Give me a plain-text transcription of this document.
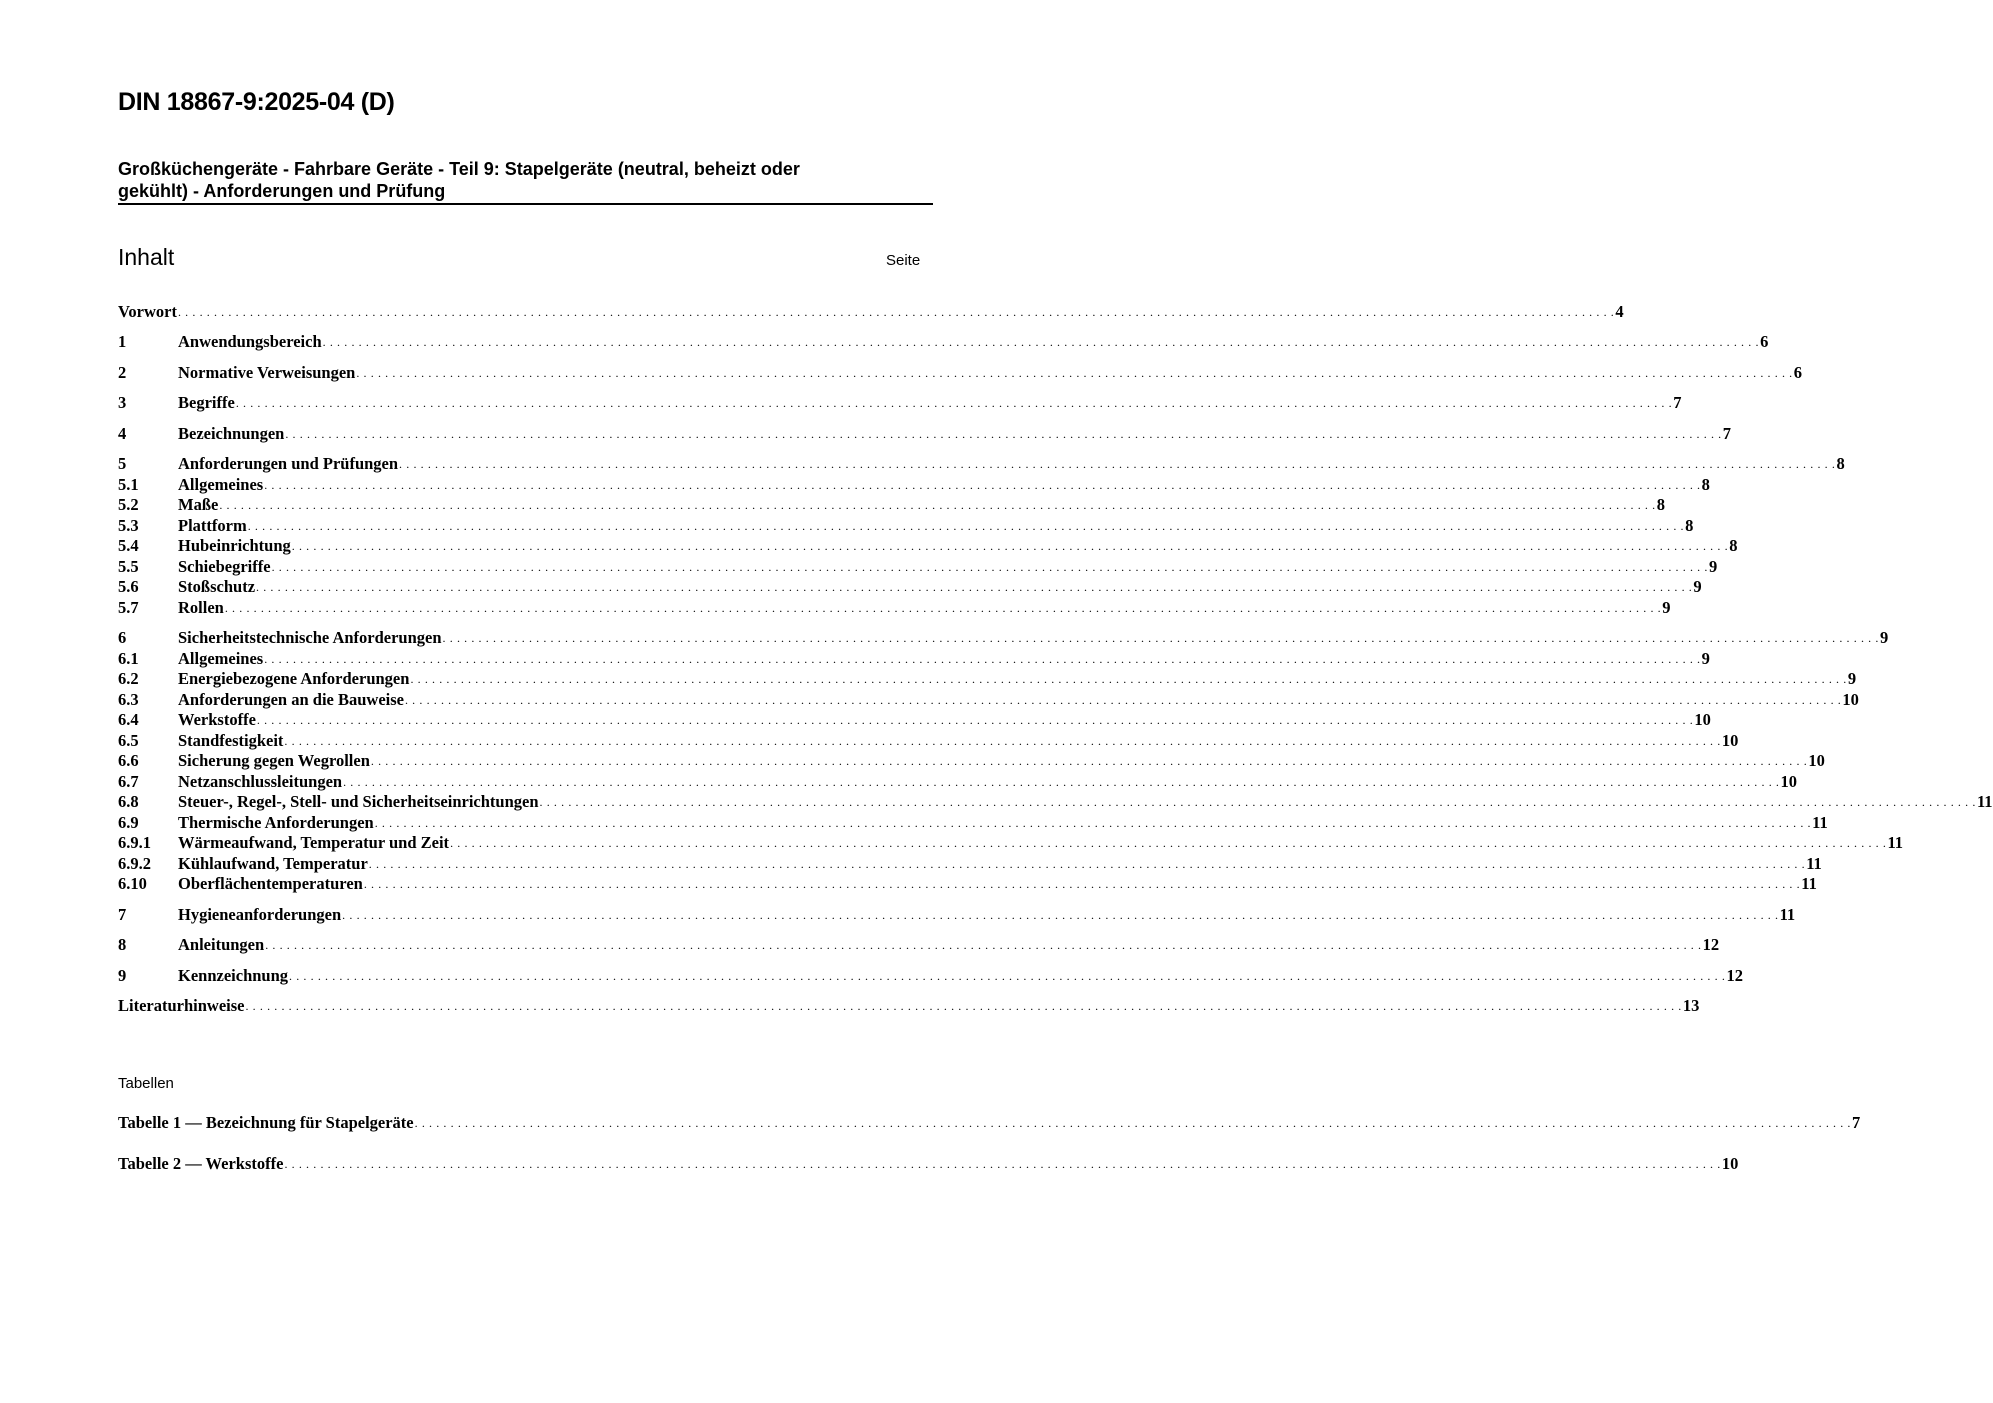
DIN 18867-9:2025-04 (D)
Großküchengeräte - Fahrbare Geräte - Teil 9: Stapelgeräte (neutral, beheizt oder
gekühlt) - Anforderungen und Prüfung
Inhalt	Seite
Vorwort . . . . . . . . . . . . . . . . . . . . . . . . . . . . . . . . . . . . . . . . . . . . . . . . . . . . . . . . . . . . . . . . . . . . . . . . . . . . . . . . . . . . . . . . . . . . . . . . . . . . . . . . . . . . . . . . . . . . . . . . . . . . . . . . . . . . . . . . . . . . . . . . . . . . . . . . . . . . . . . . . . . . . . . . . . . . . . . . . . . . . . . . . . . . . . . . . . . . . . . . 4
1	Anwendungsbereich . . . . . . . . . . . . . . . . . . . . . . . . . . . . . . . . . . . . . . . . . . . . . . . . . . . . . . . . . . . . . . . . . . . . . . . . . . . . . . . . . . . . . . . . . . . . . . . . . . . . . . . . . . . . . . . . . . . . . . . . . . . . . . . . . . . . . . . . . . . . . . . . . . . . . . . . . . . . . . . . . . . . . . . . . . . . . . . . . . . . . . . . . . . . . . . . . . . . . . . . 6
2	Normative Verweisungen . . . . . . . . . . . . . . . . . . . . . . . . . . . . . . . . . . . . . . . . . . . . . . . . . . . . . . . . . . . . . . . . . . . . . . . . . . . . . . . . . . . . . . . . . . . . . . . . . . . . . . . . . . . . . . . . . . . . . . . . . . . . . . . . . . . . . . . . . . . . . . . . . . . . . . . . . . . . . . . . . . . . . . . . . . . . . . . . . . . . . . . . . . . . . . . . . . . . . . . . 6
3	Begriffe . . . . . . . . . . . . . . . . . . . . . . . . . . . . . . . . . . . . . . . . . . . . . . . . . . . . . . . . . . . . . . . . . . . . . . . . . . . . . . . . . . . . . . . . . . . . . . . . . . . . . . . . . . . . . . . . . . . . . . . . . . . . . . . . . . . . . . . . . . . . . . . . . . . . . . . . . . . . . . . . . . . . . . . . . . . . . . . . . . . . . . . . . . . . . . . . . . . . . . . . 7
4	Bezeichnungen . . . . . . . . . . . . . . . . . . . . . . . . . . . . . . . . . . . . . . . . . . . . . . . . . . . . . . . . . . . . . . . . . . . . . . . . . . . . . . . . . . . . . . . . . . . . . . . . . . . . . . . . . . . . . . . . . . . . . . . . . . . . . . . . . . . . . . . . . . . . . . . . . . . . . . . . . . . . . . . . . . . . . . . . . . . . . . . . . . . . . . . . . . . . . . . . . . . . . . . . 7
5	Anforderungen und Prüfungen . . . . . . . . . . . . . . . . . . . . . . . . . . . . . . . . . . . . . . . . . . . . . . . . . . . . . . . . . . . . . . . . . . . . . . . . . . . . . . . . . . . . . . . . . . . . . . . . . . . . . . . . . . . . . . . . . . . . . . . . . . . . . . . . . . . . . . . . . . . . . . . . . . . . . . . . . . . . . . . . . . . . . . . . . . . . . . . . . . . . . . . . . . . . . . . . . . . . . . . . 8
5.1	Allgemeines . . . . . . . . . . . . . . . . . . . . . . . . . . . . . . . . . . . . . . . . . . . . . . . . . . . . . . . . . . . . . . . . . . . . . . . . . . . . . . . . . . . . . . . . . . . . . . . . . . . . . . . . . . . . . . . . . . . . . . . . . . . . . . . . . . . . . . . . . . . . . . . . . . . . . . . . . . . . . . . . . . . . . . . . . . . . . . . . . . . . . . . . . . . . . . . . . . . . . . . . 8
5.2	Maße . . . . . . . . . . . . . . . . . . . . . . . . . . . . . . . . . . . . . . . . . . . . . . . . . . . . . . . . . . . . . . . . . . . . . . . . . . . . . . . . . . . . . . . . . . . . . . . . . . . . . . . . . . . . . . . . . . . . . . . . . . . . . . . . . . . . . . . . . . . . . . . . . . . . . . . . . . . . . . . . . . . . . . . . . . . . . . . . . . . . . . . . . . . . . . . . . . . . . . . . 8
5.3	Plattform . . . . . . . . . . . . . . . . . . . . . . . . . . . . . . . . . . . . . . . . . . . . . . . . . . . . . . . . . . . . . . . . . . . . . . . . . . . . . . . . . . . . . . . . . . . . . . . . . . . . . . . . . . . . . . . . . . . . . . . . . . . . . . . . . . . . . . . . . . . . . . . . . . . . . . . . . . . . . . . . . . . . . . . . . . . . . . . . . . . . . . . . . . . . . . . . . . . . . . . . 8
5.4	Hubeinrichtung . . . . . . . . . . . . . . . . . . . . . . . . . . . . . . . . . . . . . . . . . . . . . . . . . . . . . . . . . . . . . . . . . . . . . . . . . . . . . . . . . . . . . . . . . . . . . . . . . . . . . . . . . . . . . . . . . . . . . . . . . . . . . . . . . . . . . . . . . . . . . . . . . . . . . . . . . . . . . . . . . . . . . . . . . . . . . . . . . . . . . . . . . . . . . . . . . . . . . . . . 8
5.5	Schiebegriffe . . . . . . . . . . . . . . . . . . . . . . . . . . . . . . . . . . . . . . . . . . . . . . . . . . . . . . . . . . . . . . . . . . . . . . . . . . . . . . . . . . . . . . . . . . . . . . . . . . . . . . . . . . . . . . . . . . . . . . . . . . . . . . . . . . . . . . . . . . . . . . . . . . . . . . . . . . . . . . . . . . . . . . . . . . . . . . . . . . . . . . . . . . . . . . . . . . . . . . . . 9
5.6	Stoßschutz . . . . . . . . . . . . . . . . . . . . . . . . . . . . . . . . . . . . . . . . . . . . . . . . . . . . . . . . . . . . . . . . . . . . . . . . . . . . . . . . . . . . . . . . . . . . . . . . . . . . . . . . . . . . . . . . . . . . . . . . . . . . . . . . . . . . . . . . . . . . . . . . . . . . . . . . . . . . . . . . . . . . . . . . . . . . . . . . . . . . . . . . . . . . . . . . . . . . . . . . 9
5.7	Rollen . . . . . . . . . . . . . . . . . . . . . . . . . . . . . . . . . . . . . . . . . . . . . . . . . . . . . . . . . . . . . . . . . . . . . . . . . . . . . . . . . . . . . . . . . . . . . . . . . . . . . . . . . . . . . . . . . . . . . . . . . . . . . . . . . . . . . . . . . . . . . . . . . . . . . . . . . . . . . . . . . . . . . . . . . . . . . . . . . . . . . . . . . . . . . . . . . . . . . . . . 9
6	Sicherheitstechnische Anforderungen . . . . . . . . . . . . . . . . . . . . . . . . . . . . . . . . . . . . . . . . . . . . . . . . . . . . . . . . . . . . . . . . . . . . . . . . . . . . . . . . . . . . . . . . . . . . . . . . . . . . . . . . . . . . . . . . . . . . . . . . . . . . . . . . . . . . . . . . . . . . . . . . . . . . . . . . . . . . . . . . . . . . . . . . . . . . . . . . . . . . . . . . . . . . . . . . . . . . . . . . 9
6.1	Allgemeines . . . . . . . . . . . . . . . . . . . . . . . . . . . . . . . . . . . . . . . . . . . . . . . . . . . . . . . . . . . . . . . . . . . . . . . . . . . . . . . . . . . . . . . . . . . . . . . . . . . . . . . . . . . . . . . . . . . . . . . . . . . . . . . . . . . . . . . . . . . . . . . . . . . . . . . . . . . . . . . . . . . . . . . . . . . . . . . . . . . . . . . . . . . . . . . . . . . . . . . . 9
6.2	Energiebezogene Anforderungen . . . . . . . . . . . . . . . . . . . . . . . . . . . . . . . . . . . . . . . . . . . . . . . . . . . . . . . . . . . . . . . . . . . . . . . . . . . . . . . . . . . . . . . . . . . . . . . . . . . . . . . . . . . . . . . . . . . . . . . . . . . . . . . . . . . . . . . . . . . . . . . . . . . . . . . . . . . . . . . . . . . . . . . . . . . . . . . . . . . . . . . . . . . . . . . . . . . . . . . . 9
6.3	Anforderungen an die Bauweise . . . . . . . . . . . . . . . . . . . . . . . . . . . . . . . . . . . . . . . . . . . . . . . . . . . . . . . . . . . . . . . . . . . . . . . . . . . . . . . . . . . . . . . . . . . . . . . . . . . . . . . . . . . . . . . . . . . . . . . . . . . . . . . . . . . . . . . . . . . . . . . . . . . . . . . . . . . . . . . . . . . . . . . . . . . . . . . . . . . . . . . . . . . . . . . . . . . . . . . . 10
6.4	Werkstoffe . . . . . . . . . . . . . . . . . . . . . . . . . . . . . . . . . . . . . . . . . . . . . . . . . . . . . . . . . . . . . . . . . . . . . . . . . . . . . . . . . . . . . . . . . . . . . . . . . . . . . . . . . . . . . . . . . . . . . . . . . . . . . . . . . . . . . . . . . . . . . . . . . . . . . . . . . . . . . . . . . . . . . . . . . . . . . . . . . . . . . . . . . . . . . . . . . . . . . . . . 10
6.5	Standfestigkeit . . . . . . . . . . . . . . . . . . . . . . . . . . . . . . . . . . . . . . . . . . . . . . . . . . . . . . . . . . . . . . . . . . . . . . . . . . . . . . . . . . . . . . . . . . . . . . . . . . . . . . . . . . . . . . . . . . . . . . . . . . . . . . . . . . . . . . . . . . . . . . . . . . . . . . . . . . . . . . . . . . . . . . . . . . . . . . . . . . . . . . . . . . . . . . . . . . . . . . . . 10
6.6	Sicherung gegen Wegrollen . . . . . . . . . . . . . . . . . . . . . . . . . . . . . . . . . . . . . . . . . . . . . . . . . . . . . . . . . . . . . . . . . . . . . . . . . . . . . . . . . . . . . . . . . . . . . . . . . . . . . . . . . . . . . . . . . . . . . . . . . . . . . . . . . . . . . . . . . . . . . . . . . . . . . . . . . . . . . . . . . . . . . . . . . . . . . . . . . . . . . . . . . . . . . . . . . . . . . . . . 10
6.7	Netzanschlussleitungen . . . . . . . . . . . . . . . . . . . . . . . . . . . . . . . . . . . . . . . . . . . . . . . . . . . . . . . . . . . . . . . . . . . . . . . . . . . . . . . . . . . . . . . . . . . . . . . . . . . . . . . . . . . . . . . . . . . . . . . . . . . . . . . . . . . . . . . . . . . . . . . . . . . . . . . . . . . . . . . . . . . . . . . . . . . . . . . . . . . . . . . . . . . . . . . . . . . . . . . . 10
6.8	Steuer-, Regel-, Stell- und Sicherheitseinrichtungen . . . . . . . . . . . . . . . . . . . . . . . . . . . . . . . . . . . . . . . . . . . . . . . . . . . . . . . . . . . . . . . . . . . . . . . . . . . . . . . . . . . . . . . . . . . . . . . . . . . . . . . . . . . . . . . . . . . . . . . . . . . . . . . . . . . . . . . . . . . . . . . . . . . . . . . . . . . . . . . . . . . . . . . . . . . . . . . . . . . . . . . . . . . . . . . . . . . . . . . . 11
6.9	Thermische Anforderungen . . . . . . . . . . . . . . . . . . . . . . . . . . . . . . . . . . . . . . . . . . . . . . . . . . . . . . . . . . . . . . . . . . . . . . . . . . . . . . . . . . . . . . . . . . . . . . . . . . . . . . . . . . . . . . . . . . . . . . . . . . . . . . . . . . . . . . . . . . . . . . . . . . . . . . . . . . . . . . . . . . . . . . . . . . . . . . . . . . . . . . . . . . . . . . . . . . . . . . . . 11
6.9.1	Wärmeaufwand, Temperatur und Zeit . . . . . . . . . . . . . . . . . . . . . . . . . . . . . . . . . . . . . . . . . . . . . . . . . . . . . . . . . . . . . . . . . . . . . . . . . . . . . . . . . . . . . . . . . . . . . . . . . . . . . . . . . . . . . . . . . . . . . . . . . . . . . . . . . . . . . . . . . . . . . . . . . . . . . . . . . . . . . . . . . . . . . . . . . . . . . . . . . . . . . . . . . . . . . . . . . . . . . . . . 11
6.9.2	Kühlaufwand, Temperatur . . . . . . . . . . . . . . . . . . . . . . . . . . . . . . . . . . . . . . . . . . . . . . . . . . . . . . . . . . . . . . . . . . . . . . . . . . . . . . . . . . . . . . . . . . . . . . . . . . . . . . . . . . . . . . . . . . . . . . . . . . . . . . . . . . . . . . . . . . . . . . . . . . . . . . . . . . . . . . . . . . . . . . . . . . . . . . . . . . . . . . . . . . . . . . . . . . . . . . . . 11
6.10	Oberflächentemperaturen . . . . . . . . . . . . . . . . . . . . . . . . . . . . . . . . . . . . . . . . . . . . . . . . . . . . . . . . . . . . . . . . . . . . . . . . . . . . . . . . . . . . . . . . . . . . . . . . . . . . . . . . . . . . . . . . . . . . . . . . . . . . . . . . . . . . . . . . . . . . . . . . . . . . . . . . . . . . . . . . . . . . . . . . . . . . . . . . . . . . . . . . . . . . . . . . . . . . . . . . 11
7	Hygieneanforderungen . . . . . . . . . . . . . . . . . . . . . . . . . . . . . . . . . . . . . . . . . . . . . . . . . . . . . . . . . . . . . . . . . . . . . . . . . . . . . . . . . . . . . . . . . . . . . . . . . . . . . . . . . . . . . . . . . . . . . . . . . . . . . . . . . . . . . . . . . . . . . . . . . . . . . . . . . . . . . . . . . . . . . . . . . . . . . . . . . . . . . . . . . . . . . . . . . . . . . . . . 11
8	Anleitungen . . . . . . . . . . . . . . . . . . . . . . . . . . . . . . . . . . . . . . . . . . . . . . . . . . . . . . . . . . . . . . . . . . . . . . . . . . . . . . . . . . . . . . . . . . . . . . . . . . . . . . . . . . . . . . . . . . . . . . . . . . . . . . . . . . . . . . . . . . . . . . . . . . . . . . . . . . . . . . . . . . . . . . . . . . . . . . . . . . . . . . . . . . . . . . . . . . . . . . . . 12
9	Kennzeichnung . . . . . . . . . . . . . . . . . . . . . . . . . . . . . . . . . . . . . . . . . . . . . . . . . . . . . . . . . . . . . . . . . . . . . . . . . . . . . . . . . . . . . . . . . . . . . . . . . . . . . . . . . . . . . . . . . . . . . . . . . . . . . . . . . . . . . . . . . . . . . . . . . . . . . . . . . . . . . . . . . . . . . . . . . . . . . . . . . . . . . . . . . . . . . . . . . . . . . . . . 12
Literaturhinweise . . . . . . . . . . . . . . . . . . . . . . . . . . . . . . . . . . . . . . . . . . . . . . . . . . . . . . . . . . . . . . . . . . . . . . . . . . . . . . . . . . . . . . . . . . . . . . . . . . . . . . . . . . . . . . . . . . . . . . . . . . . . . . . . . . . . . . . . . . . . . . . . . . . . . . . . . . . . . . . . . . . . . . . . . . . . . . . . . . . . . . . . . . . . . . . . . . . . . . . . 13
Tabellen
Tabelle 1 — Bezeichnung für Stapelgeräte . . . . . . . . . . . . . . . . . . . . . . . . . . . . . . . . . . . . . . . . . . . . . . . . . . . . . . . . . . . . . . . . . . . . . . . . . . . . . . . . . . . . . . . . . . . . . . . . . . . . . . . . . . . . . . . . . . . . . . . . . . . . . . . . . . . . . . . . . . . . . . . . . . . . . . . . . . . . . . . . . . . . . . . . . . . . . . . . . . . . . . . . . . . . . . . . . . . . . . . . 7
Tabelle 2 — Werkstoffe . . . . . . . . . . . . . . . . . . . . . . . . . . . . . . . . . . . . . . . . . . . . . . . . . . . . . . . . . . . . . . . . . . . . . . . . . . . . . . . . . . . . . . . . . . . . . . . . . . . . . . . . . . . . . . . . . . . . . . . . . . . . . . . . . . . . . . . . . . . . . . . . . . . . . . . . . . . . . . . . . . . . . . . . . . . . . . . . . . . . . . . . . . . . . . . . . . . . . . . . 10
